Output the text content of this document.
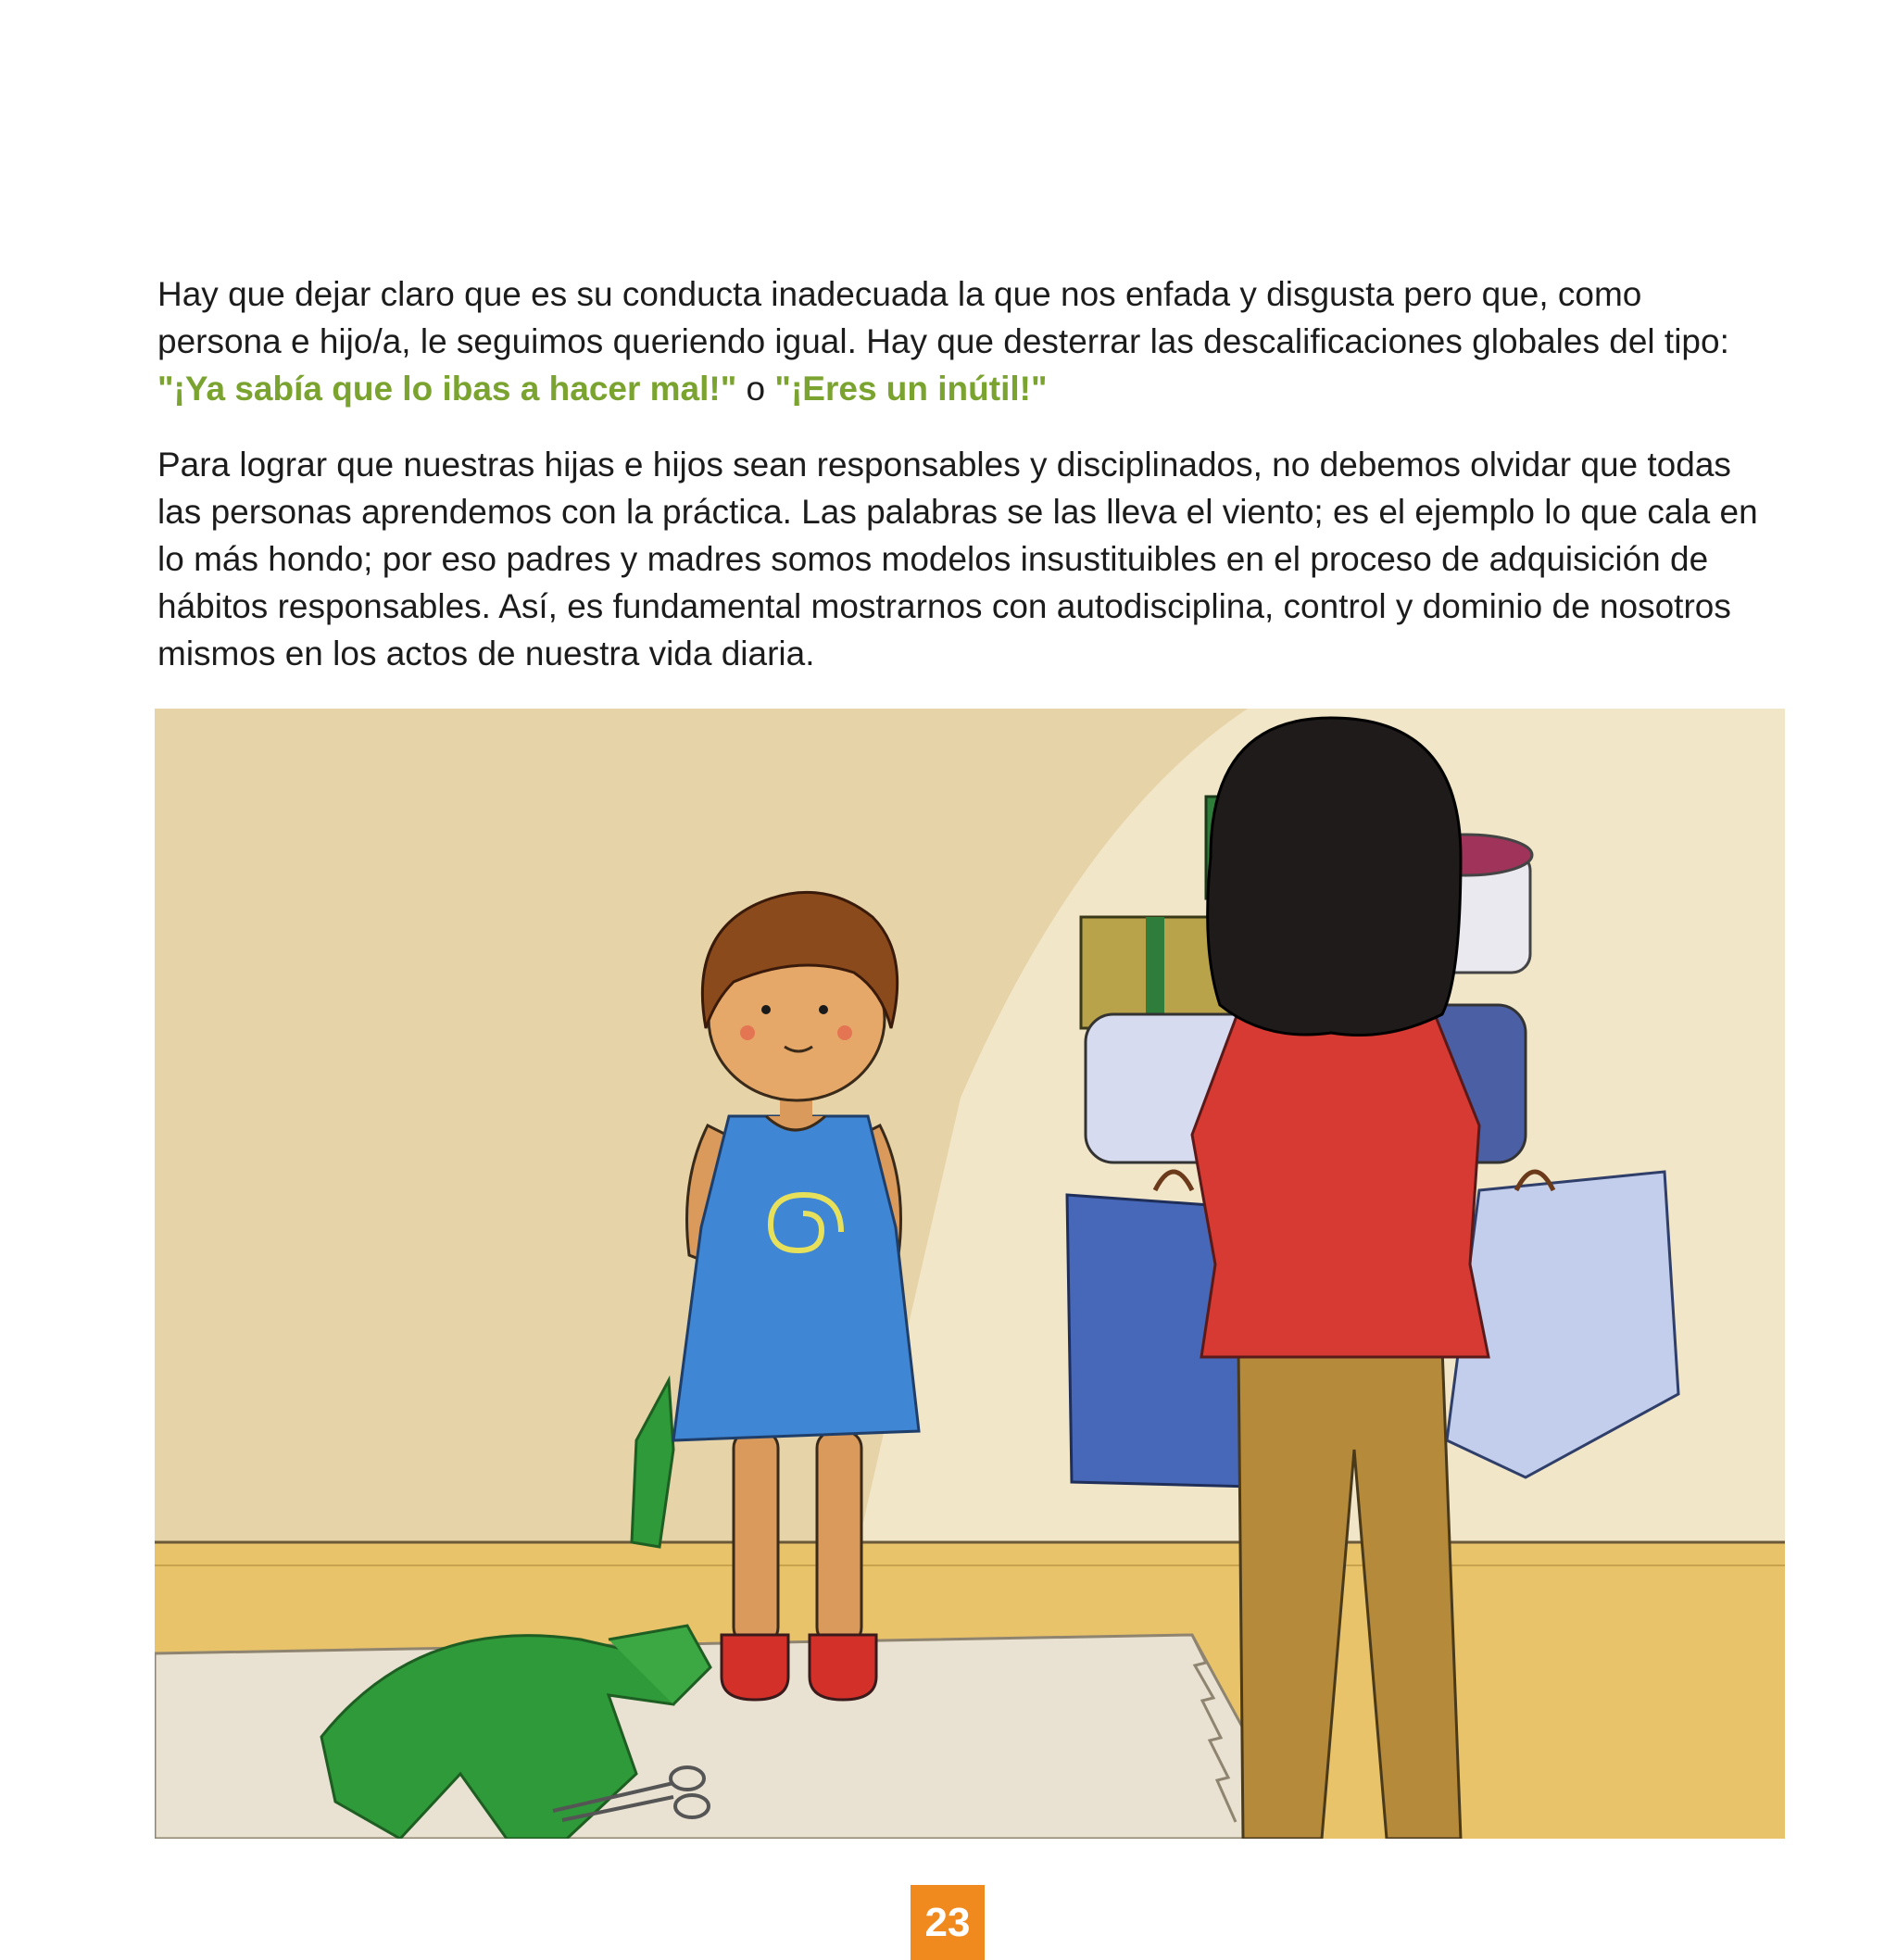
Hay que dejar claro que es su conducta inadecuada la que nos enfada y disgusta pero que, como persona e hijo/a, le seguimos queriendo igual. Hay que desterrar las descalificaciones globales del tipo: "¡Ya sabía que lo ibas a hacer mal!" o "¡Eres un inútil!"

Para lograr que nuestras hijas e hijos sean responsables y disciplinados, no debemos olvidar que todas las personas aprendemos con la práctica. Las palabras se las lleva el viento; es el ejemplo lo que cala en lo más hondo; por eso padres y madres somos modelos insustituibles en el proceso de adquisición de hábitos responsables. Así, es fundamental mostrarnos con autodisciplina, control y dominio de nosotros mismos en los actos de nuestra vida diaria.

23
